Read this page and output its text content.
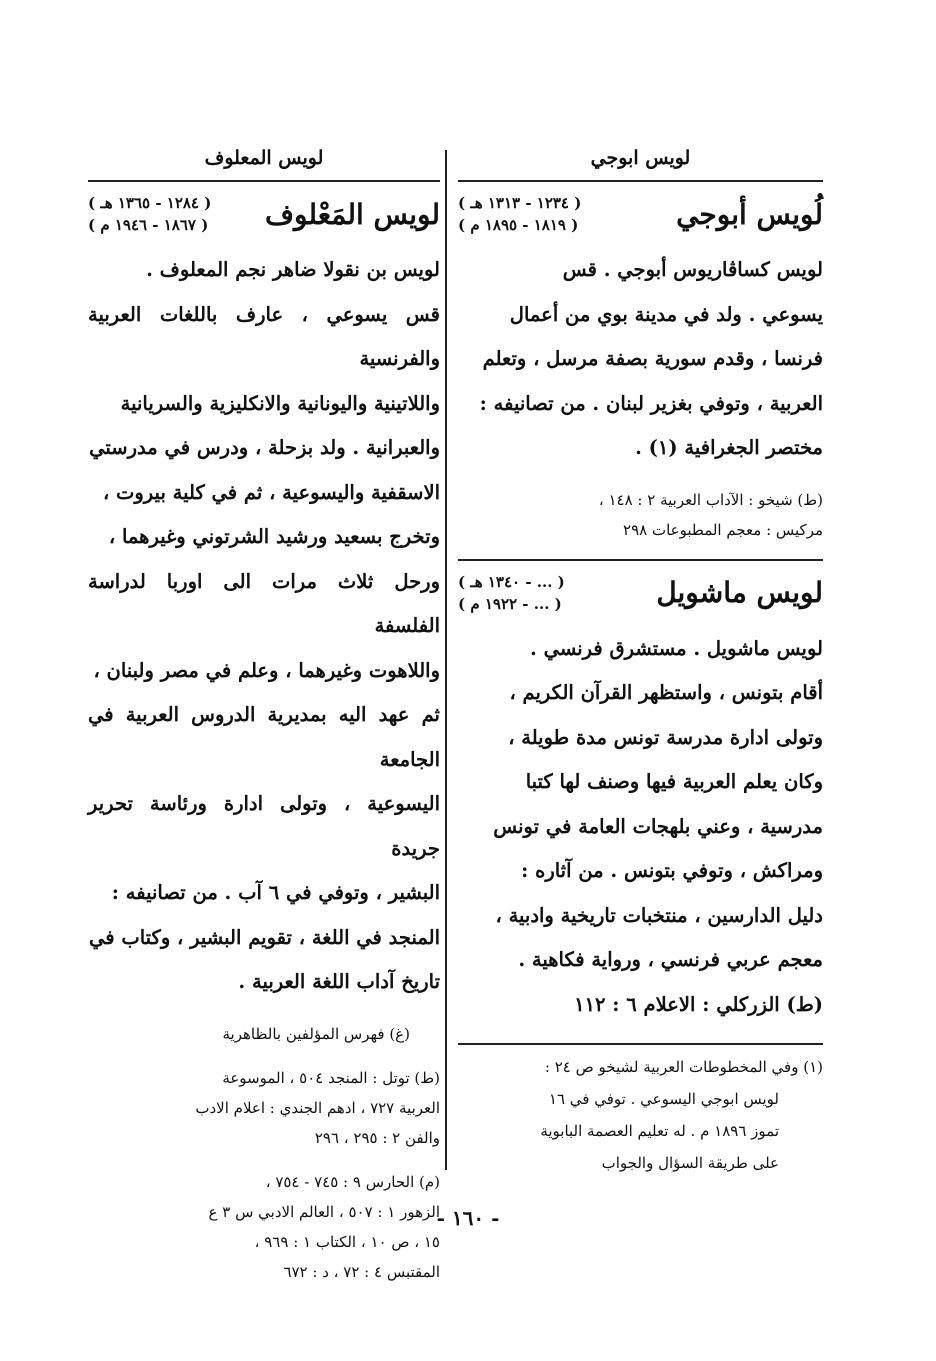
لويس ابوجي
لُويس أبوجي
( ١٢٣٤ - ١٣١٣ هـ )
( ١٨١٩ - ١٨٩٥ م )

لويس كساڤاريوس أبوجي . قس

يسوعي . ولد في مدينة بوي من أعمال

فرنسا ، وقدم سورية بصفة مرسل ، وتعلم

العربية ، وتوفي بغزير لبنان . من تصانيفه :

مختصر الجغرافية (١) .

(ط) شيخو : الآداب العربية ٢ : ١٤٨ ،

مركيس : معجم المطبوعات ٢٩٨

لويس ماشويل
( ... - ١٣٤٠ هـ )
( ... - ١٩٢٢ م )

لويس ماشويل . مستشرق فرنسي .

أقام بتونس ، واستظهر القرآن الكريم ،

وتولى ادارة مدرسة تونس مدة طويلة ،

وكان يعلم العربية فيها وصنف لها كتبا

مدرسية ، وعني بلهجات العامة في تونس

ومراكش ، وتوفي بتونس . من آثاره :

دليل الدارسين ، منتخبات تاريخية وادبية ،

معجم عربي فرنسي ، ورواية فكاهية .

(ط) الزركلي : الاعلام ٦ : ١١٢

(١) وفي المخطوطات العربية لشيخو ص ٢٤ :

لويس ابوجي اليسوعي . توفي في ١٦

تموز ١٨٩٦ م . له تعليم العصمة البابوية

على طريقة السؤال والجواب

لويس المعلوف
لويس المَعْلوف
( ١٢٨٤ - ١٣٦٥ هـ )
( ١٨٦٧ - ١٩٤٦ م )

لويس بن نقولا ضاهر نجم المعلوف .

قس يسوعي ، عارف باللغات العربية والفرنسية

واللاتينية واليونانية والانكليزية والسريانية

والعبرانية . ولد بزحلة ، ودرس في مدرستي

الاسقفية واليسوعية ، ثم في كلية بيروت ،

وتخرج بسعيد ورشيد الشرتوني وغيرهما ،

ورحل ثلاث مرات الى اوربا لدراسة الفلسفة

واللاهوت وغيرهما ، وعلم في مصر ولبنان ،

ثم عهد اليه بمديرية الدروس العربية في الجامعة

اليسوعية ، وتولى ادارة ورئاسة تحرير جريدة

البشير ، وتوفي في ٦ آب . من تصانيفه :

المنجد في اللغة ، تقويم البشير ، وكتاب في

تاريخ آداب اللغة العربية .

(غ) فهرس المؤلفين بالظاهرية

(ط) توتل : المنجد ٥٠٤ ، الموسوعة

العربية ٧٢٧ ، ادهم الجندي : اعلام الادب

والفن ٢ : ٢٩٥ ، ٢٩٦

(م) الحارس ٩ : ٧٤٥ - ٧٥٤ ،

الزهور ١ : ٥٠٧ ، العالم الادبي س ٣ ع

١٥ ، ص ١٠ ، الكتاب ١ : ٩٦٩ ،

المقتبس ٤ : ٧٢ ، د : ٦٧٢

- ١٦٠ -
